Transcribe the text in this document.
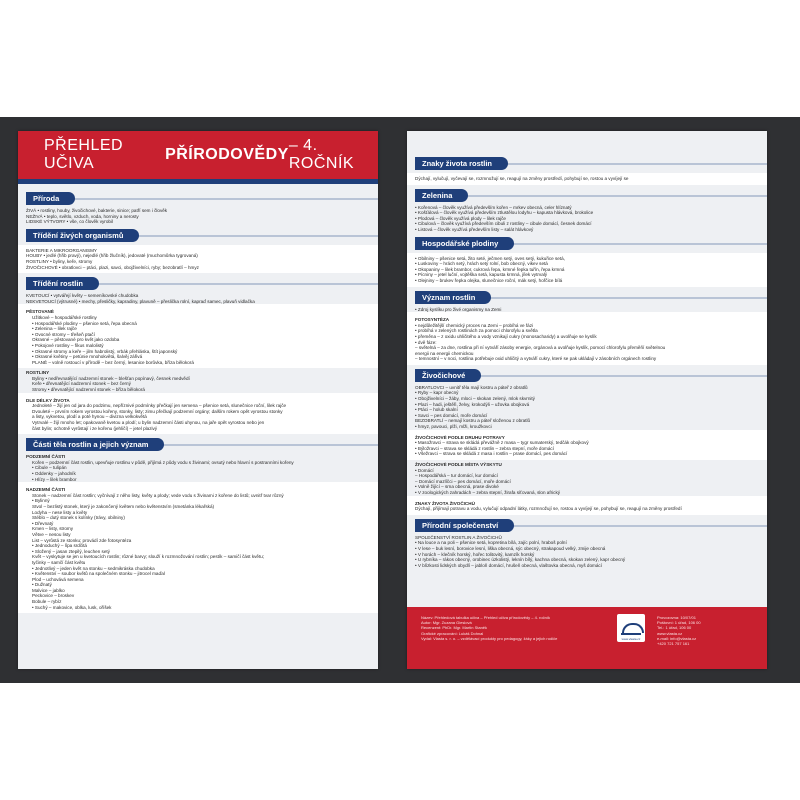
PŘEHLED UČIVA
PŘÍRODOVĚDY
– 4. ROČNÍK
Příroda
ŽIVÁ • rostliny, houby, živočichové, bakterie, sinice; patří sem i člověk
NEŽIVÁ • teplo, světlo, vzduch, voda, horniny a nerosty
LIDSKÉ VÝTVORY • vše, co člověk vyrobil
Třídění živých organismů
BAKTERIE A MIKROORGANISMY
HOUBY • jedlé (hřib pravý), nejedlé (hřib žlučník), jedovaté (muchomůrka tygrovaná)
ROSTLINY • byliny, keře, stromy
ŽIVOČICHOVÉ • obratlovci – ptáci, plazi, savci, obojživelníci, ryby; bezobratlí – hmyz
Třídění rostlin
KVETOUCÍ • vytvářejí květy – semeníkovské chudobka
NEKVETOUCÍ (výtrusné) • mechy, přesličky, kapradiny, plavuně – přeslička rolní, kapraď samec, plavuň vidlačka
PĚSTOVANÉ
Užitkové – hospodářské rostliny
• Hospodářské plodiny – pšenice setá, řepa obecná
• Zelenina – lilek rajče
• Ovocné stromy – třešeň ptačí
Okrasné – pěstované pro květ jako ozdoba
• Pokojové rostliny – fíkus malolistý
• Okrasné stromy a keře – jilm habrolistý, vrbák přehláska, štít japonský
• Okrasné květiny – petúnie mnohokvětá, šalvěj zářivá
PLANĚ – volně rostoucí v přírodě – bez černý, lesanice borůvka, bříza bělokorá
ROSTLINY
Byliny • nedřevnatějící nadzemní stonek – blešťan popínavý, česnek medvědí
Keře • dřevnatějící nadzemní stonek – bez černý
Stromy • dřevnatějící nadzemní stonek – bříza bělokorá
DLE DÉLKY ŽIVOTA
Jednoleté – žijí jen od jara do podzimu, nepříznivé podmínky přečkají jen semena – pšenice setá, slunečnice roční, lilek rajče
Dvouleté – prvním rokem vyrostou kořeny, stonky, listy; zimu přečkají podzemní orgány; dalším rokem opět vyrostou stonky
a listy, vykvetou, plodí a poté hynou – divizna velkokvětá
Vytrvalé – žijí mnoho let; opakovaně kvetou a plodí; u bylin nadzemní části uhynou, na jaře opět vyrostou nebo jen
část bylin; ochotně vyrůstají i ze kořenu (jehličí) – jetel plazivý
Části těla rostlin a jejich význam
PODZEMNÍ ČÁSTI
Kořen – podzemní část rostlin, upevňuje rostlinu v půdě, přijímá z půdy vodu s živinami; ovsutý nebo hlavní s postranními kořeny
• Cibule – tulipán
• Oddenky – jahodník
• Hlízy – lilek brambor
NADZEMNÍ ČÁSTI
Stonek – nadzemní část rostlin; vyčnívají z něho listy, květy a plody; vede vodu s živinami z kořene do listů; uvnitř tvar různý
• Bylinný
Stvol – bezlistý stonek, který je zakončený květem nebo květenstvím (smetánka lékařská)
Lodyha – nese listy a květy
Stéblo – dutý stonek s kolínky (trávy, obilniny)
• Dřevnatý
Kmen – listy, stromy
Větve – nesou listy
List – vyrůstá ze stonku; provádí zde fotosyntéza
• Jednoduchý – lípa srdčitá
• Složený – jasan ztepilý, leuchen setý
Květ – vyskytuje se jen u kvetoucích rostlin; různé barvy; slouží k rozmnožování rostlin; pestík – samičí část květu;
tyčinky – samčí část květu
• Jednotlivý – jeden květ na stonku – sedmikráska chudobka
• Květenství – soubor květů na společném stonku – jitrocel maďal
Plod – uchovává semena
• Dužnatý
Malvice – jablko
Peckovice – broskev
Bobule – rybíz
• Suchý – makovice, oblka, lusk, oříšek
Znaky života rostlin
Dýchají, vylučují, vyčevají se, rozmnožují se, reagují na změny prostředí, pohybují se, rostou a vyvíjejí se
Zelenina
• Kořenová – člověk využívá především kořen – mrkev obecná, celer hlíznatý
• Košťálová – člověk využívá především ztlustělou lodyhu – kapusta hlávková, brokolice
• Plodová – člověk využívá plody – lilek rajče
• Cibulová – člověk využívá především cibuli z rostliny – cibule domácí, česnek domácí
• Listová – člověk využívá především listy – salát hlávkový
Hospodářské plodiny
• Obilniny – pšenice setá, žito seté, ječmen setý, oves setý, kukuřice setá,
• Luskoviny – hrách setý, hrách setý rolní, bob obecný, vikev setá
• Okopaniny – lilek brambor, cukrová řepa, krmné řepka tuřín, řepa krmná
• Pícniny – jetel luční, vojtěška setá, kapusta krmná, jílek vytrvalý
• Olejniny – brukev řepka olejka, slunečnice roční, mák setý, hořčice bílá
Význam rostlin
• Zdroj kyslíku pro živé organismy na Zemi
FOTOSYNTÉZA
• nejdůležitější chemický proces na Zemi – probíhá ve fázi
• probíhá v zelených rostlinách za pomoci chlorofylu a světla
• přeměna – z oxidu uhličitého a vody vznikají cukry (monosacharidy) a uvolňuje se kyslík
• dvě fáze:
– světelná – za dne, rostlina při ní vytváří zásoby energie, orgánová a uvolňuje kyslík, pomocí chlorofylu přeměňí světelnou
energii na energii chemickou
– temnostní – v noci, rostlina potřebuje oxid uhličitý a vytváří cukry, které se pak ukládají v zásobních orgánech rostliny
Živočichové
OBRATLOVCI – uvnitř těla mají kostru a páteř z obratlů
• Ryby – kapr obecný
• Obojživelníci – žáby, mloci – skokan zelený, mlok skvrnitý
• Plazi – hadi, ještěři, želvy, krokodýli – užovka obojková
• Ptáci – holub skalní
• Savci – pes domácí, moře domácí
BEZOBRATLÍ – nemají kostru a páteř složenou z obratlů
• hmyz, pavouci, plži, mlži, kroužkovci
ŽIVOČICHOVÉ PODLE DRUHU POTRAVY
• Masožravci – strava se skládá převážně z masa – tygr sumaterský, tedčák obojkový
• Býložravci – strava se skládá z rostlin – zebra stepní, moře domácí
• Všežravci – strava se skládá z masa i rostlin – prase domácí, pes domácí
ŽIVOČICHOVÉ PODLE MÍSTA VÝSKYTU
• Domácí
– Hospodářská – tur domácí, kur domácí
– Domácí mazlíčci – pes domácí, moře domácí
• Volně žijící – srna obecná, prase divoké
• V zoologických zahradách – zebra stepní, žirafa síťovaná, slon africký
ZNAKY ŽIVOTA ŽIVOČICHŮ
Dýchají, přijímají potravu a vodu, vylučují odpadní látky, rozmnožují se, rostou a vyvíjejí se, pohybují se, reagují na změny prostředí
Přírodní společenství
SPOLEČENSTVÍ ROSTLIN A ŽIVOČICHŮ
• Na louce a na poli – pšenice setá, kopretina bílá, zajíc polní, hraboš polní
• V lese – buk lesní, borovice lesní, liška obecná, sýc obecný, strakapoud velký, zmije obecná
• V horách – klečník horský, hořec tolitovitý, kamzík horský
• U rybníka – rákos obecný, orobinec úzkolistý, leknín bílý, kachna obecná, skokan zelený, kapr obecný
• V blízkosti lidských obydlí – jabloň domácí, hrušeň obecná, vlaštovka obecná, myš domácí
Název: Přehledová tabulka učiva – Přehled učiva přírodovědy – 4. ročník
Autor: Mgr. Zuzana Gieslová
Recenzent: PhDr. Mgr. Martin Staněk
Grafické zpracování: Lukáš Dohnal
Vydal: Vlasta s. r. o. – vzdělávací produkty pro pedagogy, žáky a jejich rodiče	www.vlasta.cz
Provozovna: 10/07/01
Poštovní: 1 úřad, 106 00
Tel.: 1 úřad, 106 00
www.vlasta.cz
e-mail: info@vlasta.cz
+420 721 757 161
